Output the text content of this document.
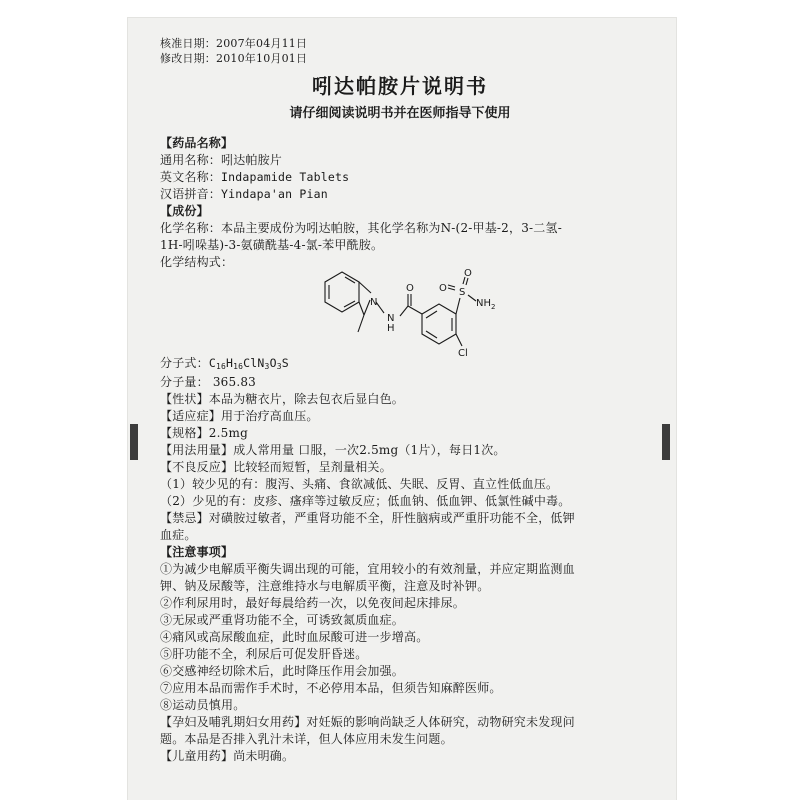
核准日期：2007年04月11日
修改日期：2010年10月01日
吲达帕胺片说明书
请仔细阅读说明书并在医师指导下使用
【药品名称】
通用名称：吲达帕胺片
英文名称：Indapamide Tablets
汉语拼音：Yindapa'an Pian
【成份】
化学名称：本品主要成份为吲达帕胺，其化学名称为N-(2-甲基-2，3-二氢-
1H-吲哚基)-3-氨磺酰基-4-氯-苯甲酰胺。
化学结构式：
N
N
H
O	O S
O
$NH_2$
Cl
分子式：$C_{16}H_{16}ClN_3O_3S$
分子量： 365.83
【性状】本品为糖衣片，除去包衣后显白色。
【适应症】用于治疗高血压。
【规格】2.5mg
【用法用量】成人常用量 口服，一次2.5mg（1片），每日1次。
【不良反应】比较轻而短暂，呈剂量相关。
（1）较少见的有：腹泻、头痛、食欲减低、失眠、反胃、直立性低血压。
（2）少见的有：皮疹、瘙痒等过敏反应；低血钠、低血钾、低氯性碱中毒。
【禁忌】对磺胺过敏者，严重肾功能不全，肝性脑病或严重肝功能不全，低钾
血症。
【注意事项】
①为减少电解质平衡失调出现的可能，宜用较小的有效剂量，并应定期监测血
钾、钠及尿酸等，注意维持水与电解质平衡，注意及时补钾。
②作利尿用时，最好每晨给药一次，以免夜间起床排尿。
③无尿或严重肾功能不全，可诱致氮质血症。
④痛风或高尿酸血症，此时血尿酸可进一步增高。
⑤肝功能不全，利尿后可促发肝昏迷。
⑥交感神经切除术后，此时降压作用会加强。
⑦应用本品而需作手术时，不必停用本品，但须告知麻醉医师。
⑧运动员慎用。
【孕妇及哺乳期妇女用药】对妊娠的影响尚缺乏人体研究，动物研究未发现问
题。本品是否排入乳汁未详，但人体应用未发生问题。
【儿童用药】尚未明确。
